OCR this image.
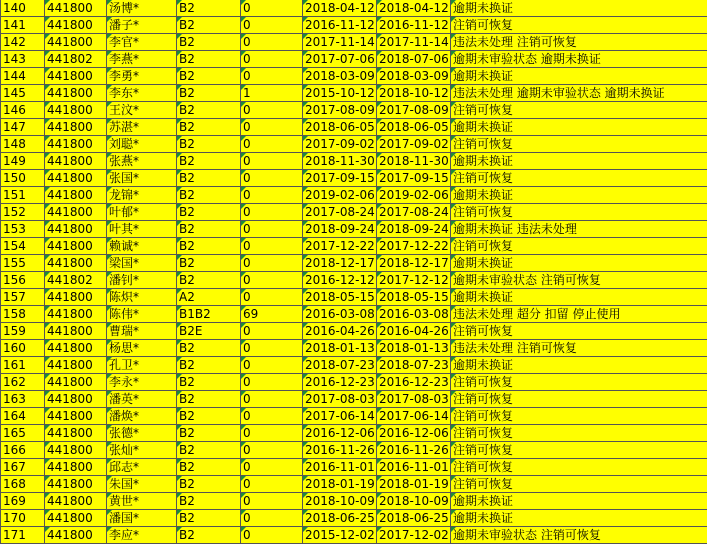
140	441800	汤博*	B2	0	2018-04-12	2018-04-12	逾期未换证
141	441800	潘子*	B2	0	2016-11-12	2016-11-12	注销可恢复
142	441800	李官*	B2	0	2017-11-14	2017-11-14	违法未处理 注销可恢复
143	441802	李燕*	B2	0	2017-07-06	2018-07-06	逾期未审验状态 逾期未换证
144	441800	李勇*	B2	0	2018-03-09	2018-03-09	逾期未换证
145	441800	李东*	B2	1	2015-10-12	2018-10-12	违法未处理 逾期未审验状态 逾期未换证
146	441800	王汶*	B2	0	2017-08-09	2017-08-09	注销可恢复
147	441800	苏湛*	B2	0	2018-06-05	2018-06-05	逾期未换证
148	441800	刘聪*	B2	0	2017-09-02	2017-09-02	注销可恢复
149	441800	张燕*	B2	0	2018-11-30	2018-11-30	逾期未换证
150	441800	张国*	B2	0	2017-09-15	2017-09-15	注销可恢复
151	441800	龙锦*	B2	0	2019-02-06	2019-02-06	逾期未换证
152	441800	叶郁*	B2	0	2017-08-24	2017-08-24	注销可恢复
153	441800	叶其*	B2	0	2018-09-24	2018-09-24	逾期未换证 违法未处理
154	441800	赖诚*	B2	0	2017-12-22	2017-12-22	注销可恢复
155	441800	梁国*	B2	0	2018-12-17	2018-12-17	逾期未换证
156	441802	潘钊*	B2	0	2016-12-12	2017-12-12	逾期未审验状态 注销可恢复
157	441800	陈炽*	A2	0	2018-05-15	2018-05-15	逾期未换证
158	441800	陈伟*	B1B2	69	2016-03-08	2016-03-08	违法未处理 超分 扣留 停止使用
159	441800	曹瑞*	B2E	0	2016-04-26	2016-04-26	注销可恢复
160	441800	杨思*	B2	0	2018-01-13	2018-01-13	违法未处理 注销可恢复
161	441800	孔卫*	B2	0	2018-07-23	2018-07-23	逾期未换证
162	441800	李永*	B2	0	2016-12-23	2016-12-23	注销可恢复
163	441800	潘英*	B2	0	2017-08-03	2017-08-03	注销可恢复
164	441800	潘焕*	B2	0	2017-06-14	2017-06-14	注销可恢复
165	441800	张德*	B2	0	2016-12-06	2016-12-06	注销可恢复
166	441800	张灿*	B2	0	2016-11-26	2016-11-26	注销可恢复
167	441800	邱志*	B2	0	2016-11-01	2016-11-01	注销可恢复
168	441800	朱国*	B2	0	2018-01-19	2018-01-19	注销可恢复
169	441800	黄世*	B2	0	2018-10-09	2018-10-09	逾期未换证
170	441800	潘国*	B2	0	2018-06-25	2018-06-25	逾期未换证
171	441800	李应*	B2	0	2015-12-02	2017-12-02	逾期未审验状态 注销可恢复
